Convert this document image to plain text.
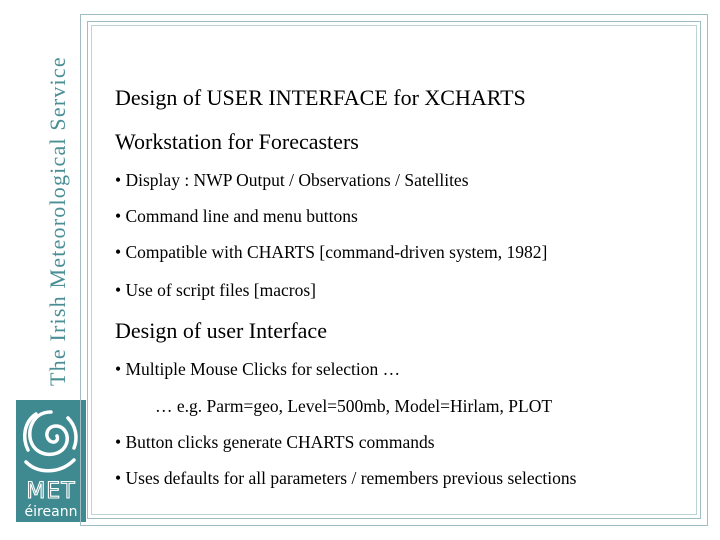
The Irish Meteorological Service
MET
éireann
Design of USER INTERFACE for XCHARTS
Workstation for Forecasters
• Display : NWP Output / Observations / Satellites
• Command line and menu buttons
• Compatible with CHARTS [command-driven system, 1982]
• Use of script files [macros]
Design of user Interface
• Multiple Mouse Clicks for selection …
… e.g. Parm=geo, Level=500mb, Model=Hirlam, PLOT
• Button clicks generate CHARTS commands
• Uses defaults for all parameters / remembers previous selections
